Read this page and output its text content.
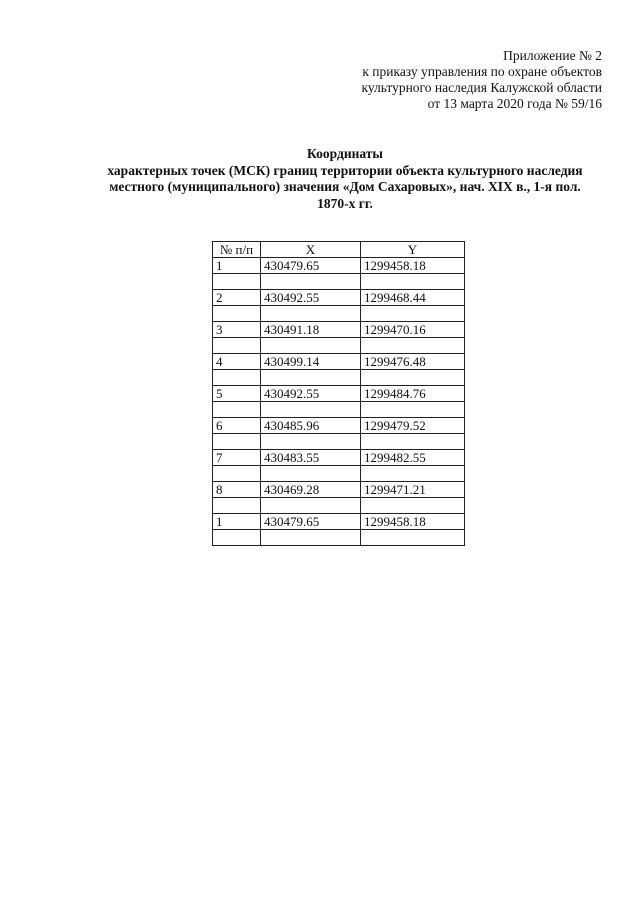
Приложение № 2
к приказу управления по охране объектов
культурного наследия Калужской области
от 13 марта 2020 года № 59/16
Координаты
характерных точек (МСК) границ территории объекта культурного наследия
местного (муниципального) значения «Дом Сахаровых», нач. XIX в., 1-я пол.
1870-х гг.
№ п/п	X	Y
1	430479.65	1299458.18

2	430492.55	1299468.44

3	430491.18	1299470.16

4	430499.14	1299476.48

5	430492.55	1299484.76

6	430485.96	1299479.52

7	430483.55	1299482.55

8	430469.28	1299471.21

1	430479.65	1299458.18
